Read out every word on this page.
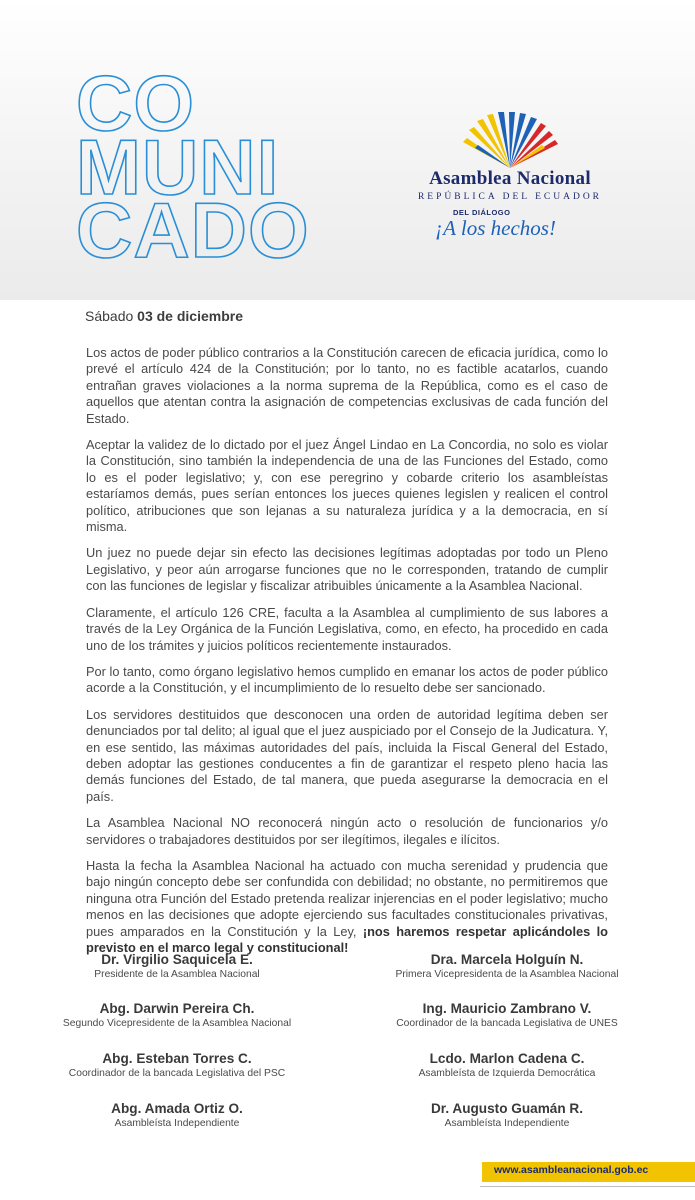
CO
MUNI
CADO
Asamblea Nacional
REPÚBLICA DEL ECUADOR
DEL DIÁLOGO
¡A los hechos!
Sábado 03 de diciembre

Los actos de poder público contrarios a la Constitución carecen de eficacia jurídica, como lo prevé el artículo 424 de la Constitución; por lo tanto, no es factible acatarlos, cuando entrañan graves violaciones a la norma suprema de la República, como es el caso de aquellos que atentan contra la asignación de competencias exclusivas de cada función del Estado.

Aceptar la validez de lo dictado por el juez Ángel Lindao en La Concordia, no solo es violar la Constitución, sino también la independencia de una de las Funciones del Estado, como lo es el poder legislativo; y, con ese peregrino y cobarde criterio los asambleístas estaríamos demás, pues serían entonces los jueces quienes legislen y realicen el control político, atribuciones que son lejanas a su naturaleza jurídica y a la democracia, en sí misma.

Un juez no puede dejar sin efecto las decisiones legítimas adoptadas por todo un Pleno Legislativo, y peor aún arrogarse funciones que no le corresponden, tratando de cumplir con las funciones de legislar y fiscalizar atribuibles únicamente a la Asamblea Nacional.

Claramente, el artículo 126 CRE, faculta a la Asamblea al cumplimiento de sus labores a través de la Ley Orgánica de la Función Legislativa, como, en efecto, ha procedido en cada uno de los trámites y juicios políticos recientemente instaurados.

Por lo tanto, como órgano legislativo hemos cumplido en emanar los actos de poder público acorde a la Constitución, y el incumplimiento de lo resuelto debe ser sancionado.

Los servidores destituidos que desconocen una orden de autoridad legítima deben ser denunciados por tal delito; al igual que el juez auspiciado por el Consejo de la Judicatura. Y, en ese sentido, las máximas autoridades del país, incluida la Fiscal General del Estado, deben adoptar las gestiones conducentes a fin de garantizar el respeto pleno hacia las demás funciones del Estado, de tal manera, que pueda asegurarse la democracia en el país.

La Asamblea Nacional NO reconocerá ningún acto o resolución de funcionarios y/o servidores o trabajadores destituidos por ser ilegítimos, ilegales e ilícitos.

Hasta la fecha la Asamblea Nacional ha actuado con mucha serenidad y prudencia que bajo ningún concepto debe ser confundida con debilidad; no obstante, no permitiremos que ninguna otra Función del Estado pretenda realizar injerencias en el poder legislativo; mucho menos en las decisiones que adopte ejerciendo sus facultades constitucionales privativas, pues amparados en la Constitución y la Ley, ¡nos haremos respetar aplicándoles lo previsto en el marco legal y constitucional!

Dr. Virgilio Saquicela E.
Presidente de la Asamblea Nacional
Dra. Marcela Holguín N.
Primera Vicepresidenta de la Asamblea Nacional
Abg. Darwin Pereira Ch.
Segundo Vicepresidente de la Asamblea Nacional
Ing. Mauricio Zambrano V.
Coordinador de la bancada Legislativa de UNES
Abg. Esteban Torres C.
Coordinador de la bancada Legislativa del PSC
Lcdo. Marlon Cadena C.
Asambleísta de Izquierda Democrática
Abg. Amada Ortiz O.
Asambleísta Independiente
Dr. Augusto Guamán R.
Asambleísta Independiente
www.asambleanacional.gob.ec
